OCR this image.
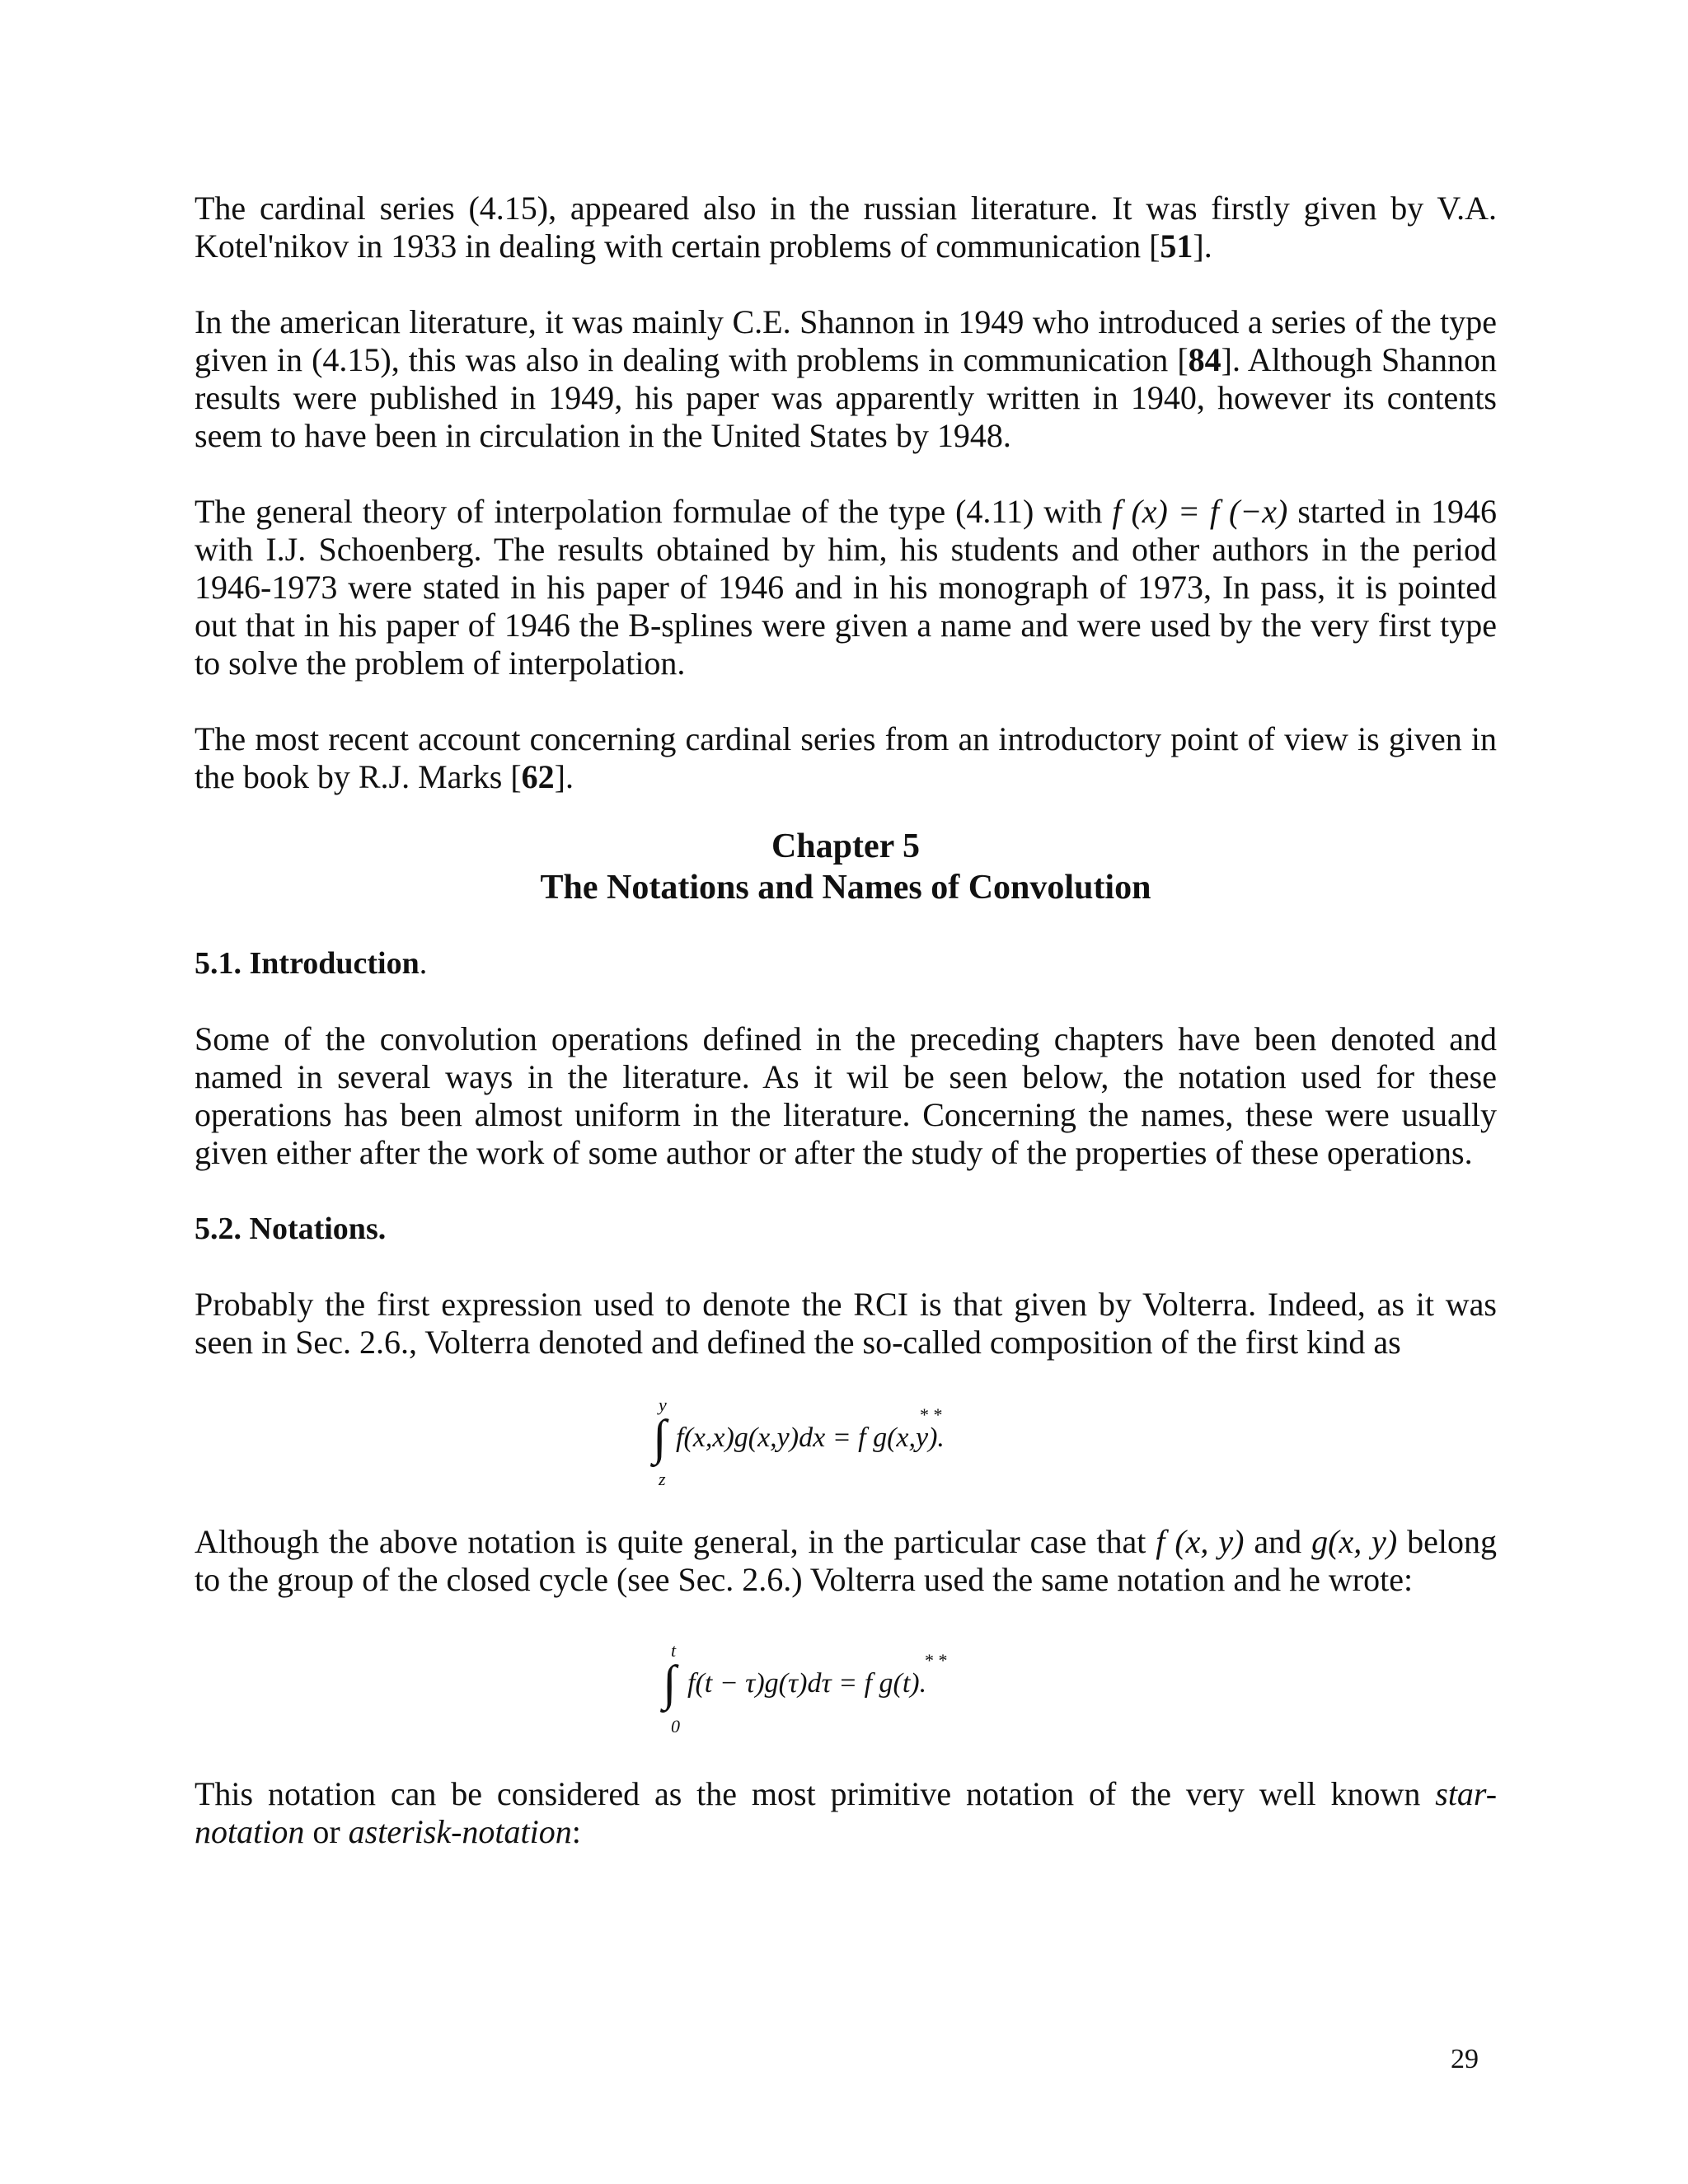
The cardinal series (4.15), appeared also in the russian literature. It was firstly given by V.A. Kotel'nikov in 1933 in dealing with certain problems of communication [51].

In the american literature, it was mainly C.E. Shannon in 1949 who introduced a series of the type given in (4.15), this was also in dealing with problems in communication [84]. Although Shannon results were published in 1949, his paper was apparently written in 1940, however its contents seem to have been in circulation in the United States by 1948.

The general theory of interpolation formulae of the type (4.11) with f (x) = f (−x) started in 1946 with I.J. Schoenberg. The results obtained by him, his students and other authors in the period 1946-1973 were stated in his paper of 1946 and in his monograph of 1973, In pass, it is pointed out that in his paper of 1946 the B-splines were given a name and were used by the very first type to solve the problem of interpolation.

The most recent account concerning cardinal series from an introductory point of view is given in the book by R.J. Marks [62].

Chapter 5

The Notations and Names of Convolution

5.1. Introduction.

Some of the convolution operations defined in the preceding chapters have been denoted and named in several ways in the literature. As it wil be seen below, the notation used for these operations has been almost uniform in the literature. Concerning the names, these were usually given either after the work of some author or after the study of the properties of these operations.

5.2. Notations.

Probably the first expression used to denote the RCI is that given by Volterra. Indeed, as it was seen in Sec. 2.6., Volterra denoted and defined the so-called composition of the first kind as

y
∫
z
* *
f(x,x)g(x,y)dx = f g(x,y).

Although the above notation is quite general, in the particular case that f (x, y) and g(x, y) belong to the group of the closed cycle (see Sec. 2.6.) Volterra used the same notation and he wrote:

t
∫
0
* *
f(t − τ)g(τ)dτ = f g(t).

This notation can be considered as the most primitive notation of the very well known star-notation or asterisk-notation:

29
